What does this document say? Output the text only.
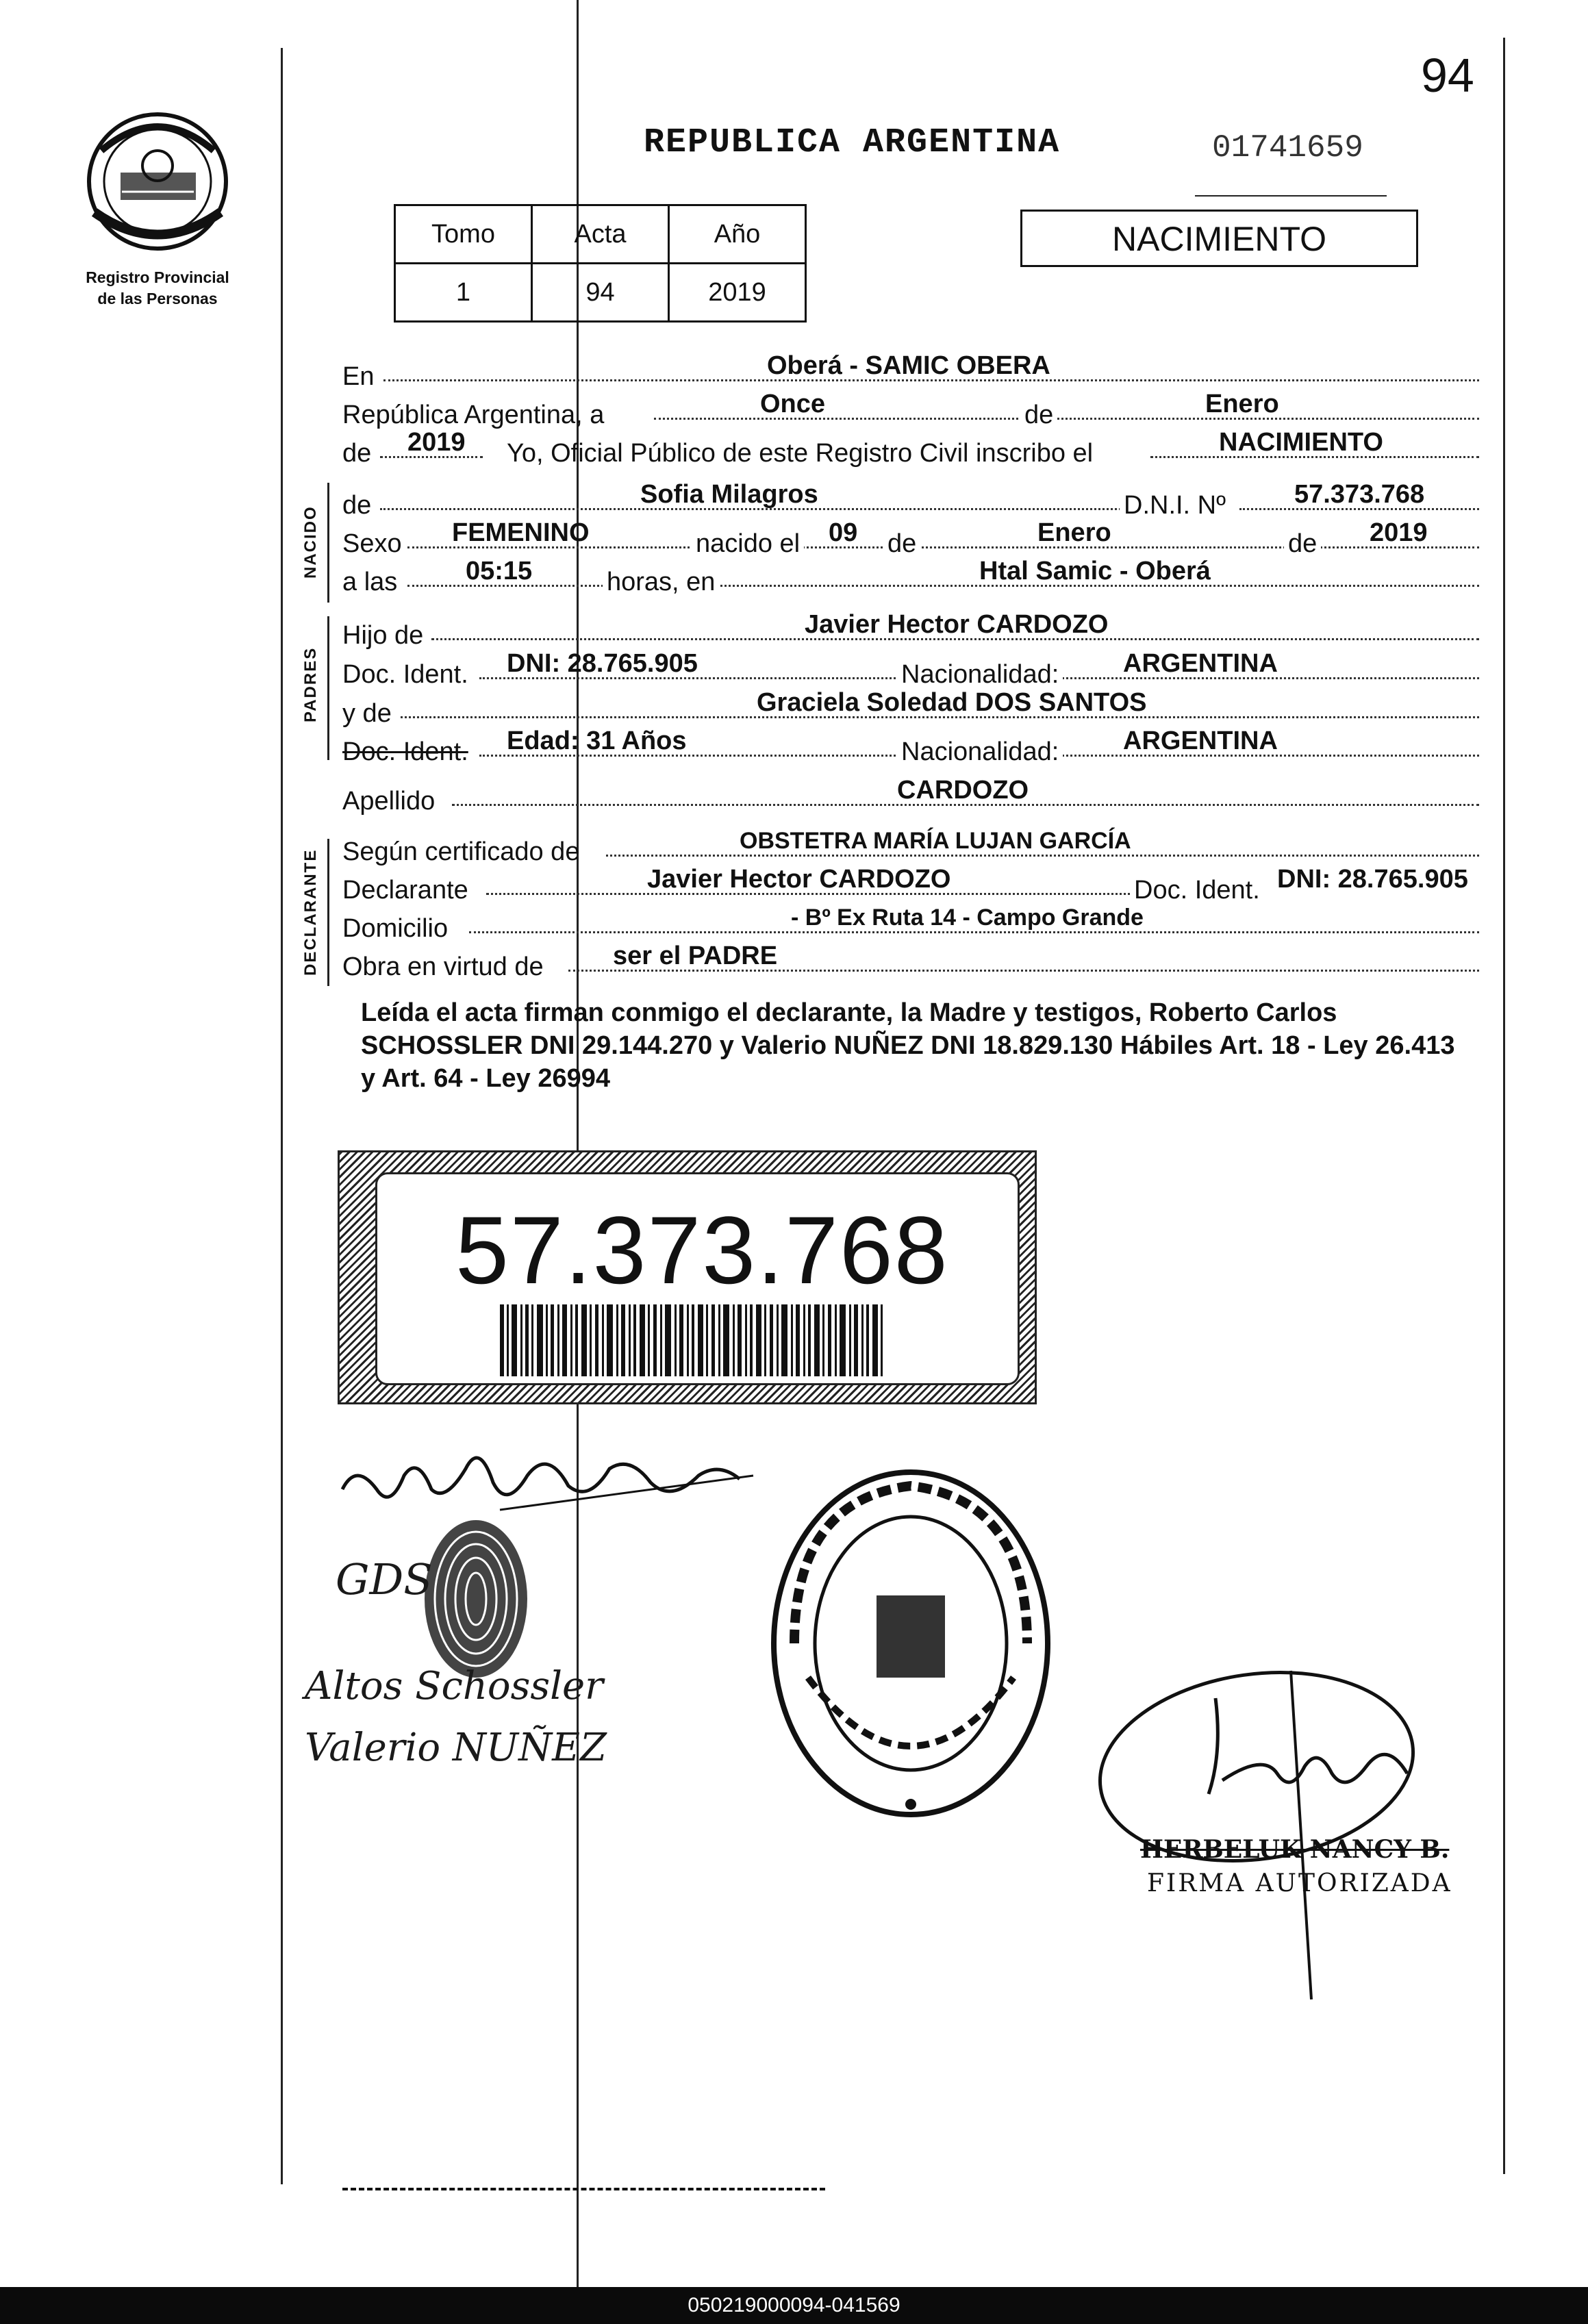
94
Registro Provincial
de las Personas
REPUBLICA ARGENTINA	01741659
Tomo	Acta	Año
1	94	2019
NACIMIENTO
En	Oberá - SAMIC OBERA
República Argentina, a	Once	de	Enero
de 2019 Yo, Oficial Público de este Registro Civil inscribo el	NACIMIENTO
NACIDO
de	Sofia Milagros	D.N.I. Nº	57.373.768
Sexo FEMENINO	nacido el 09 de	Enero	de 2019
a las	05:15	horas, en	Htal Samic - Oberá
PADRES
Hijo de	Javier Hector CARDOZO
Doc. Ident. DNI: 28.765.905	Nacionalidad: ARGENTINA
y de	Graciela Soledad DOS SANTOS
Doc. Ident. Edad: 31 Años	Nacionalidad: ARGENTINA
Apellido	CARDOZO
DECLARANTE Según certificado de	OBSTETRA MARÍA LUJAN GARCÍA
Declarante	Javier Hector CARDOZO	Doc. Ident. DNI: 28.765.905
Domicilio	- Bº Ex Ruta 14 - Campo Grande
Obra en virtud de	ser el PADRE
Leída el acta firman conmigo el declarante, la Madre y testigos, Roberto Carlos SCHOSSLER DNI 29.144.270 y Valerio NUÑEZ DNI 18.829.130 Hábiles Art. 18 - Ley 26.413 y Art. 64 - Ley 26994
57.373.768
GDS
Altos Schossler
Valerio NUÑEZ
HERBELUK NANCY B.
FIRMA AUTORIZADA
050219000094-041569
